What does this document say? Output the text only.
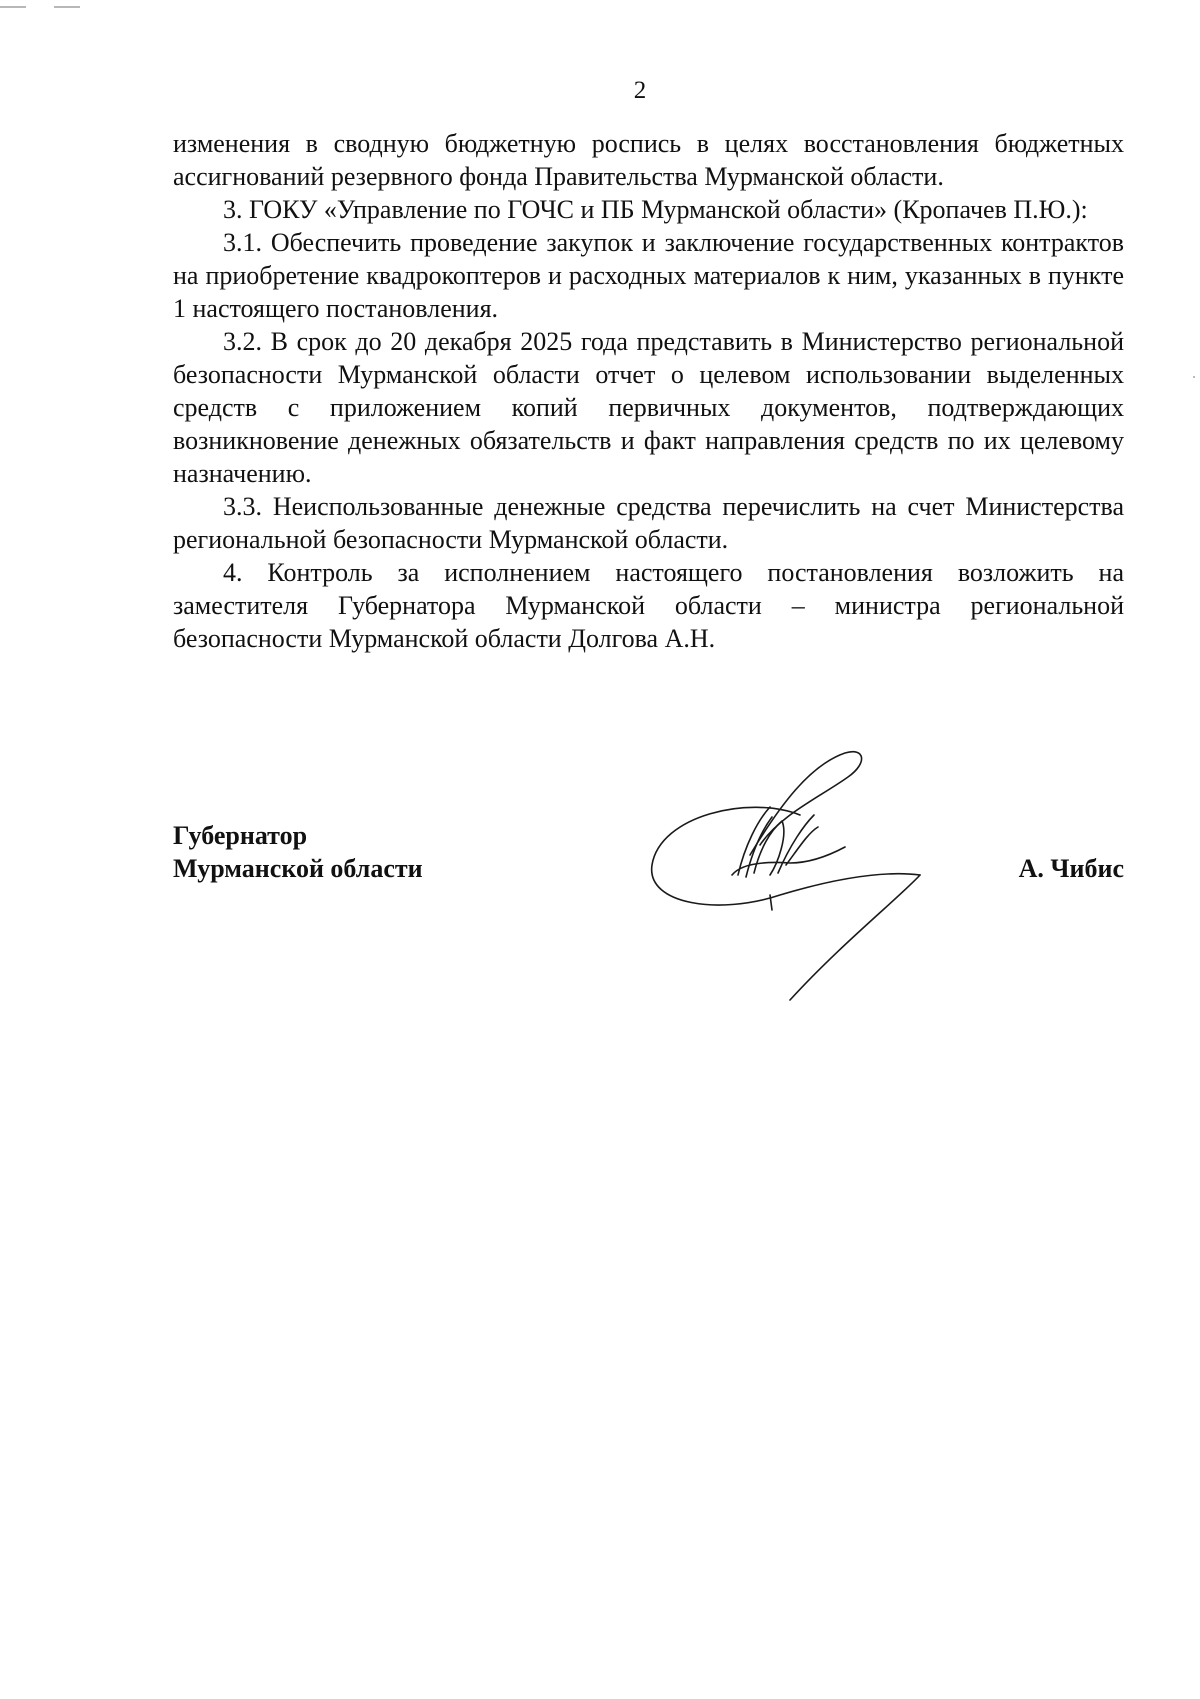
2

изменения в сводную бюджетную роспись в целях восстановления бюджетных ассигнований резервного фонда Правительства Мурманской области.

3. ГОКУ «Управление по ГОЧС и ПБ Мурманской области» (Кропачев П.Ю.):

3.1. Обеспечить проведение закупок и заключение государственных контрактов на приобретение квадрокоптеров и расходных материалов к ним, указанных в пункте 1 настоящего постановления.

3.2. В срок до 20 декабря 2025 года представить в Министерство региональной безопасности Мурманской области отчет о целевом использовании выделенных средств с приложением копий первичных документов, подтверждающих возникновение денежных обязательств и факт направления средств по их целевому назначению.

3.3. Неиспользованные денежные средства перечислить на счет Министерства региональной безопасности Мурманской области.

4. Контроль за исполнением настоящего постановления возложить на заместителя Губернатора Мурманской области – министра региональной безопасности Мурманской области Долгова А.Н.

Губернатор
Мурманской области	А. Чибис
